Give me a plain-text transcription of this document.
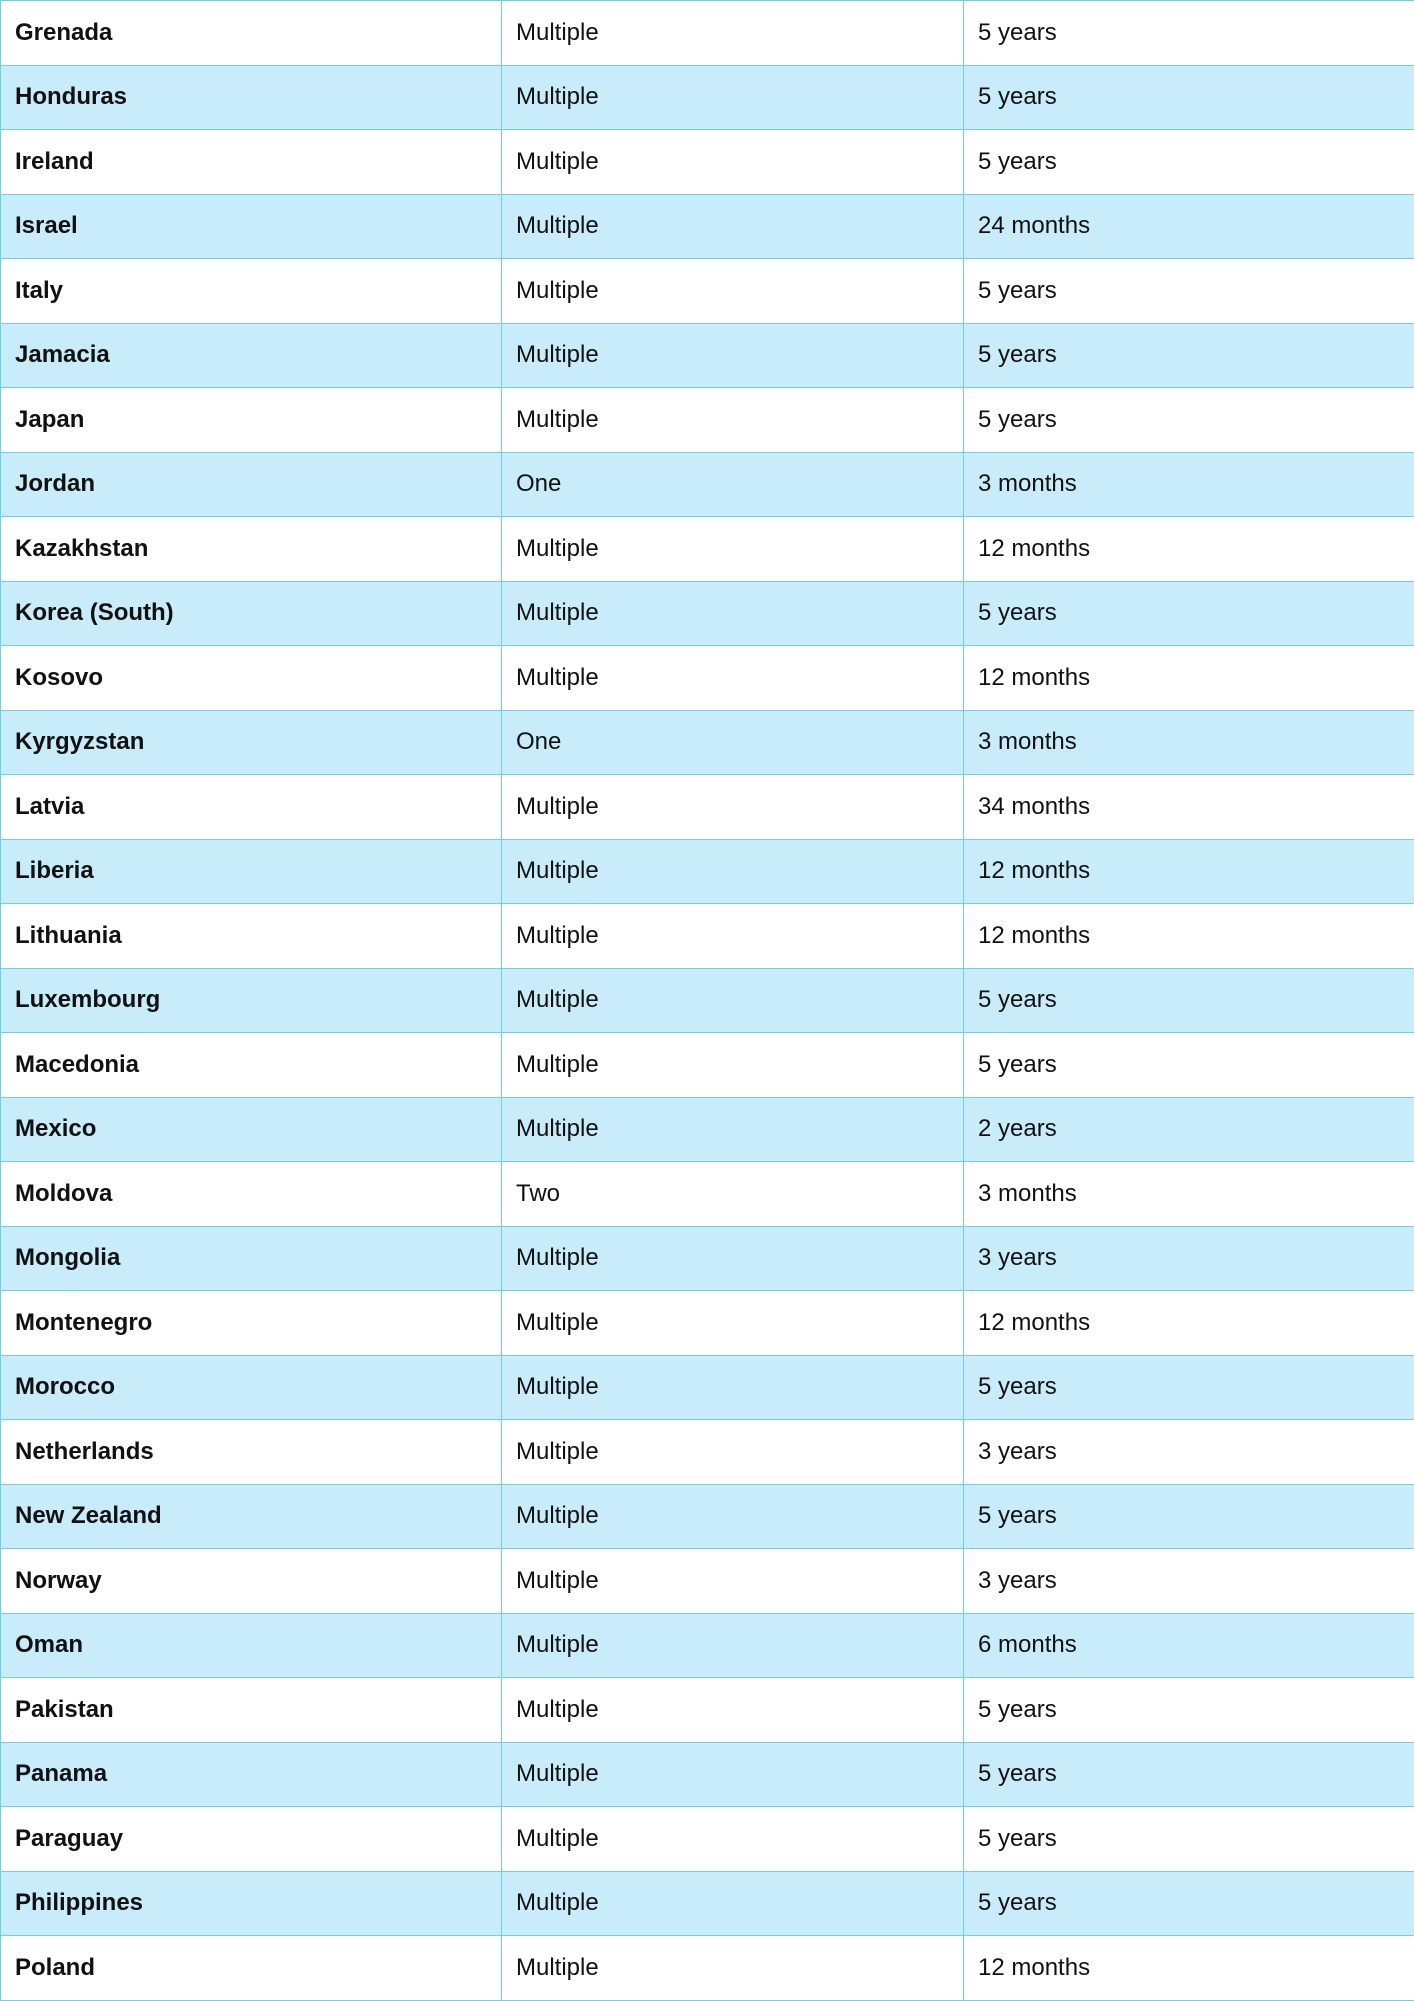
Grenada	Multiple	5 years
Honduras	Multiple	5 years
Ireland	Multiple	5 years
Israel	Multiple	24 months
Italy	Multiple	5 years
Jamacia	Multiple	5 years
Japan	Multiple	5 years
Jordan	One	3 months
Kazakhstan	Multiple	12 months
Korea (South)	Multiple	5 years
Kosovo	Multiple	12 months
Kyrgyzstan	One	3 months
Latvia	Multiple	34 months
Liberia	Multiple	12 months
Lithuania	Multiple	12 months
Luxembourg	Multiple	5 years
Macedonia	Multiple	5 years
Mexico	Multiple	2 years
Moldova	Two	3 months
Mongolia	Multiple	3 years
Montenegro	Multiple	12 months
Morocco	Multiple	5 years
Netherlands	Multiple	3 years
New Zealand	Multiple	5 years
Norway	Multiple	3 years
Oman	Multiple	6 months
Pakistan	Multiple	5 years
Panama	Multiple	5 years
Paraguay	Multiple	5 years
Philippines	Multiple	5 years
Poland	Multiple	12 months
